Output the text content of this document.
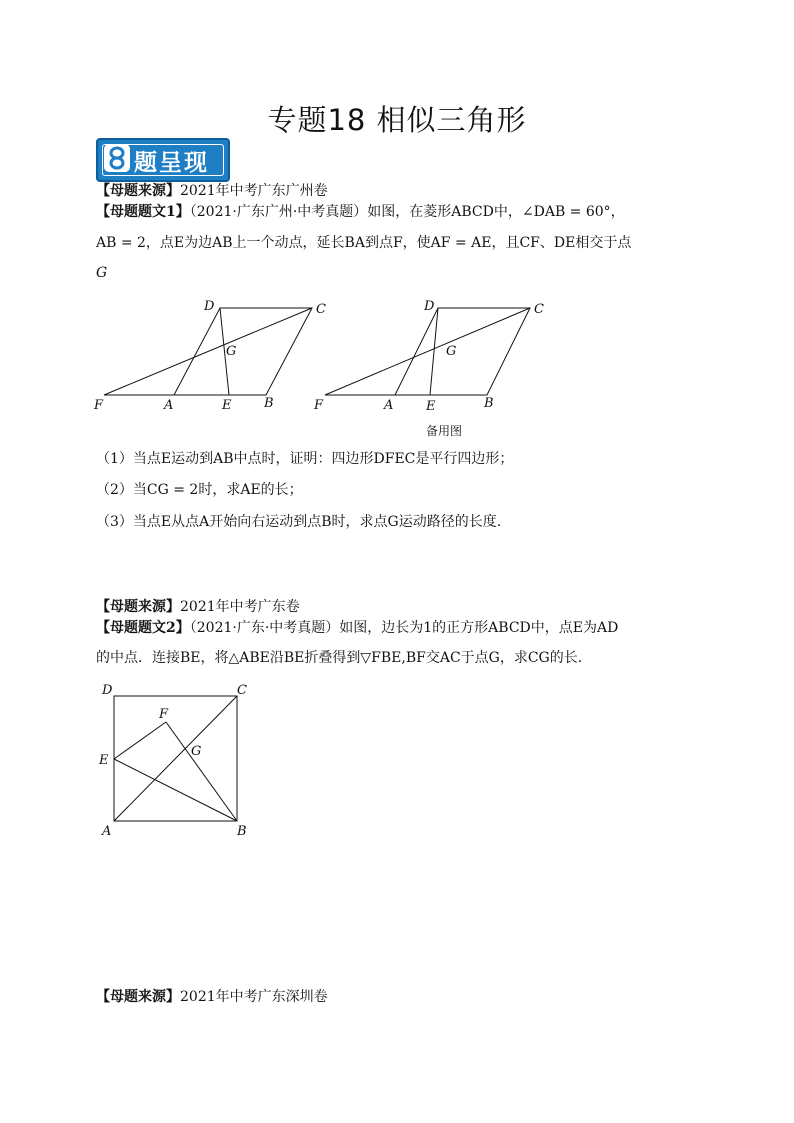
专题18 相似三角形
题呈现
【母题来源】2021年中考广东广州卷
【母题题文1】（2021·广东广州·中考真题）如图，在菱形ABCD中，∠DAB = 60°，
AB = 2，点E为边AB上一个动点，延长BA到点F，使AF = AE，且CF、DE相交于点
G
D	C
G
F	A	E	B
D	C
G
F	A	E	B
备用图
（1）当点E运动到AB中点时，证明：四边形DFEC是平行四边形；
（2）当CG = 2时，求AE的长；
（3）当点E从点A开始向右运动到点B时，求点G运动路径的长度.
【母题来源】2021年中考广东卷
【母题题文2】（2021·广东·中考真题）如图，边长为1的正方形ABCD中，点E为AD
的中点．连接BE，将△ABE沿BE折叠得到▽FBE,BF交AC于点G，求CG的长.
D	C
F
G
E
A	B
【母题来源】2021年中考广东深圳卷
